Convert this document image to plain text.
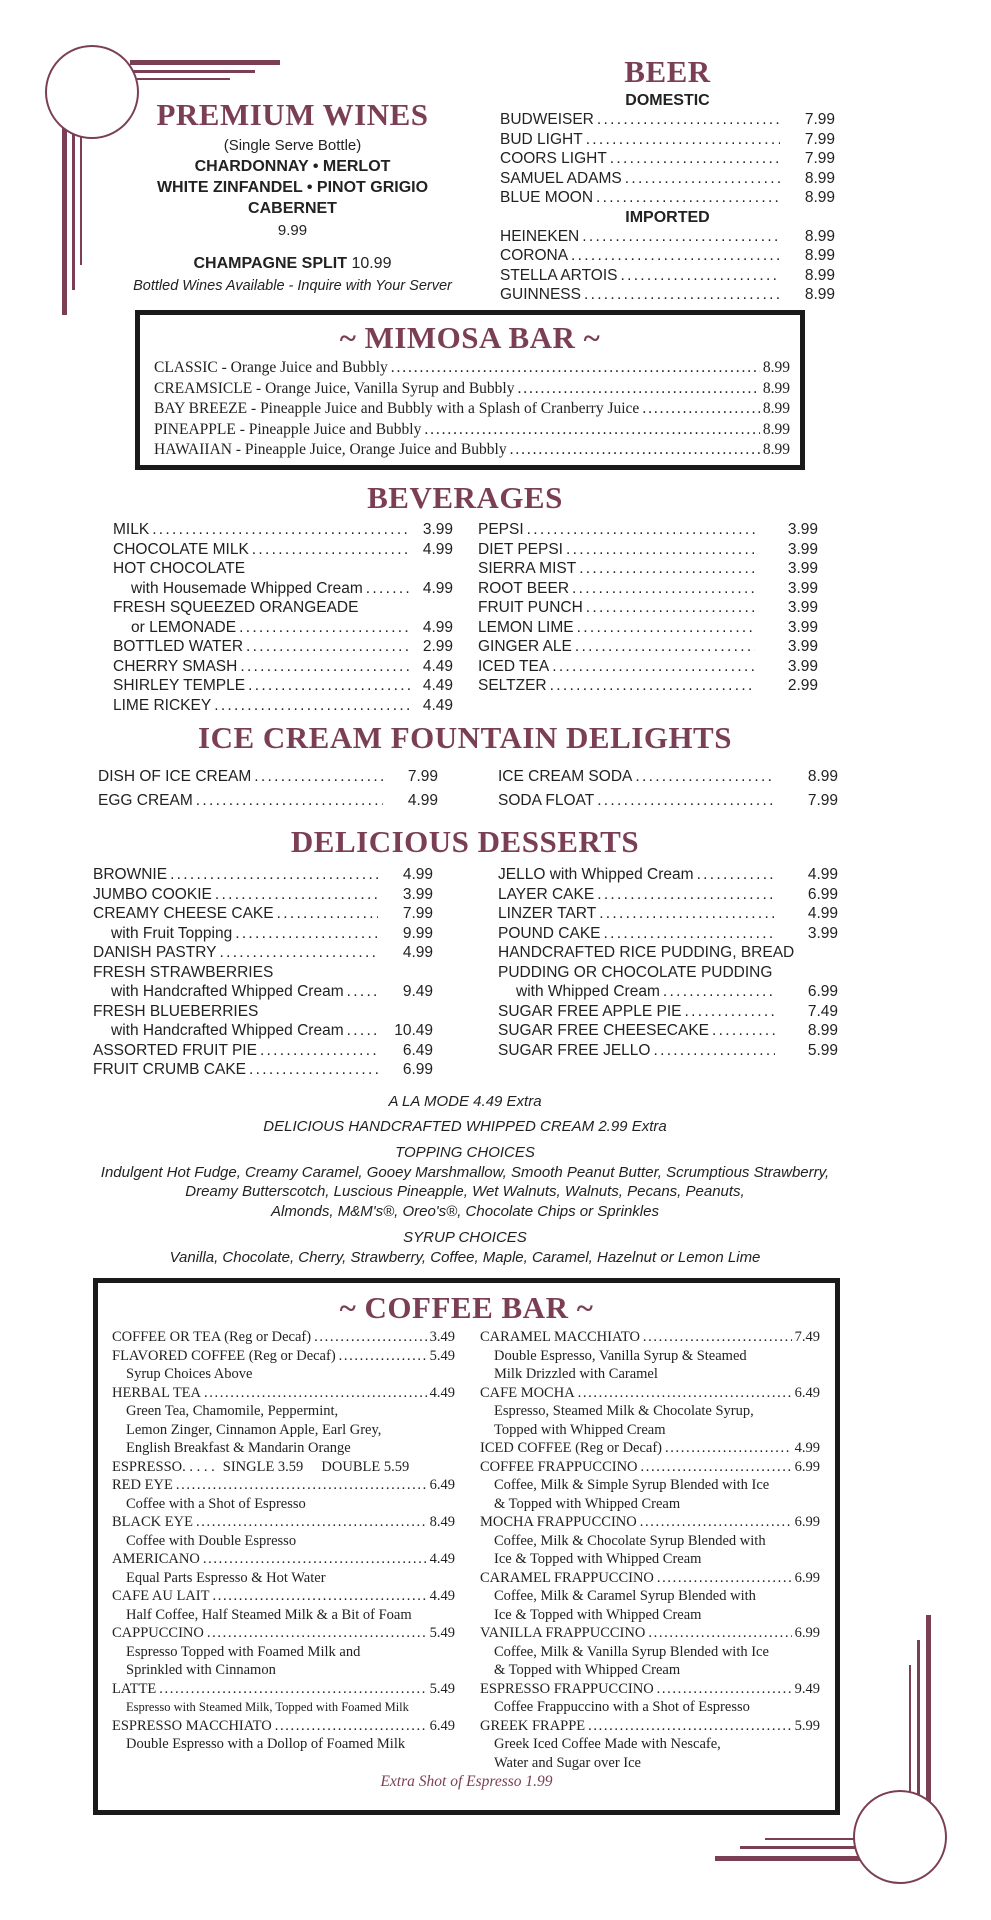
PREMIUM WINES
(Single Serve Bottle)
CHARDONNAY • MERLOT
WHITE ZINFANDEL • PINOT GRIGIO
CABERNET
9.99
CHAMPAGNE SPLIT 10.99
Bottled Wines Available - Inquire with Your Server
BEER
DOMESTIC
BUDWEISER . . .	7.99
BUD LIGHT . . .	7.99
COORS LIGHT . . .	7.99
SAMUEL ADAMS . . .	8.99
BLUE MOON . . .	8.99
IMPORTED
HEINEKEN . . .	8.99
CORONA . . .	8.99
STELLA ARTOIS . . .	8.99
GUINNESS . . .	8.99
~ MIMOSA BAR ~
CLASSIC - Orange Juice and Bubbly . . .	8.99
CREAMSICLE - Orange Juice, Vanilla Syrup and Bubbly . . .	8.99
BAY BREEZE - Pineapple Juice and Bubbly with a Splash of Cranberry Juice . . .	8.99
PINEAPPLE - Pineapple Juice and Bubbly . . .	8.99
HAWAIIAN - Pineapple Juice, Orange Juice and Bubbly . . .	8.99
BEVERAGES
MILK . . .	3.99
CHOCOLATE MILK . . .	4.99
HOT CHOCOLATE
with Housemade Whipped Cream . . .	4.99
FRESH SQUEEZED ORANGEADE
or LEMONADE . . .	4.99
BOTTLED WATER . . .	2.99
CHERRY SMASH . . .	4.49
SHIRLEY TEMPLE . . .	4.49
LIME RICKEY . . .	4.49
PEPSI . . .	3.99
DIET PEPSI . . .	3.99
SIERRA MIST . . .	3.99
ROOT BEER . . .	3.99
FRUIT PUNCH . . .	3.99
LEMON LIME . . .	3.99
GINGER ALE . . .	3.99
ICED TEA . . .	3.99
SELTZER . . .	2.99
ICE CREAM FOUNTAIN DELIGHTS
DISH OF ICE CREAM . . .	7.99
EGG CREAM . . .	4.99
ICE CREAM SODA . . .	8.99
SODA FLOAT . . .	7.99
DELICIOUS DESSERTS
BROWNIE . . .	4.99
JUMBO COOKIE . . .	3.99
CREAMY CHEESE CAKE . . .	7.99
with Fruit Topping . . .	9.99
DANISH PASTRY . . .	4.99
FRESH STRAWBERRIES
with Handcrafted Whipped Cream . . .	9.49
FRESH BLUEBERRIES
with Handcrafted Whipped Cream . . .	10.49
ASSORTED FRUIT PIE . . .	6.49
FRUIT CRUMB CAKE . . .	6.99
JELLO with Whipped Cream . . .	4.99
LAYER CAKE . . .	6.99
LINZER TART . . .	4.99
POUND CAKE . . .	3.99
HANDCRAFTED RICE PUDDING, BREAD
PUDDING OR CHOCOLATE PUDDING
with Whipped Cream . . .	6.99
SUGAR FREE APPLE PIE . . .	7.49
SUGAR FREE CHEESECAKE . . .	8.99
SUGAR FREE JELLO . . .	5.99
A LA MODE 4.49 Extra
DELICIOUS HANDCRAFTED WHIPPED CREAM 2.99 Extra
TOPPING CHOICES
Indulgent Hot Fudge, Creamy Caramel, Gooey Marshmallow, Smooth Peanut Butter, Scrumptious Strawberry,
Dreamy Butterscotch, Luscious Pineapple, Wet Walnuts, Walnuts, Pecans, Peanuts,
Almonds, M&M's®, Oreo's®, Chocolate Chips or Sprinkles
SYRUP CHOICES
Vanilla, Chocolate, Cherry, Strawberry, Coffee, Maple, Caramel, Hazelnut or Lemon Lime
~ COFFEE BAR ~
COFFEE OR TEA (Reg or Decaf) . . .	3.49
FLAVORED COFFEE (Reg or Decaf) . . .	5.49
Syrup Choices Above
HERBAL TEA . . .	4.49
Green Tea, Chamomile, Peppermint,
Lemon Zinger, Cinnamon Apple, Earl Grey,
English Breakfast & Mandarin Orange
ESPRESSO . . . . . SINGLE 3.59     DOUBLE 5.59
RED EYE . . .	6.49
Coffee with a Shot of Espresso
BLACK EYE . . .	8.49
Coffee with Double Espresso
AMERICANO . . .	4.49
Equal Parts Espresso & Hot Water
CAFE AU LAIT . . .	4.49
Half Coffee, Half Steamed Milk & a Bit of Foam
CAPPUCCINO . . .	5.49
Espresso Topped with Foamed Milk and
Sprinkled with Cinnamon
LATTE . . .	5.49
Espresso with Steamed Milk, Topped with Foamed Milk
ESPRESSO MACCHIATO . . .	6.49
Double Espresso with a Dollop of Foamed Milk
CARAMEL MACCHIATO . . .	7.49
Double Espresso, Vanilla Syrup & Steamed
Milk Drizzled with Caramel
CAFE MOCHA . . .	6.49
Espresso, Steamed Milk & Chocolate Syrup,
Topped with Whipped Cream
ICED COFFEE (Reg or Decaf) . . .	4.99
COFFEE FRAPPUCCINO . . .	6.99
Coffee, Milk & Simple Syrup Blended with Ice
& Topped with Whipped Cream
MOCHA FRAPPUCCINO . . .	6.99
Coffee, Milk & Chocolate Syrup Blended with
Ice & Topped with Whipped Cream
CARAMEL FRAPPUCCINO . . .	6.99
Coffee, Milk & Caramel Syrup Blended with
Ice & Topped with Whipped Cream
VANILLA FRAPPUCCINO . . .	6.99
Coffee, Milk & Vanilla Syrup Blended with Ice
& Topped with Whipped Cream
ESPRESSO FRAPPUCCINO . . .	9.49
Coffee Frappuccino with a Shot of Espresso
GREEK FRAPPE . . .	5.99
Greek Iced Coffee Made with Nescafe,
Water and Sugar over Ice
Extra Shot of Espresso 1.99
